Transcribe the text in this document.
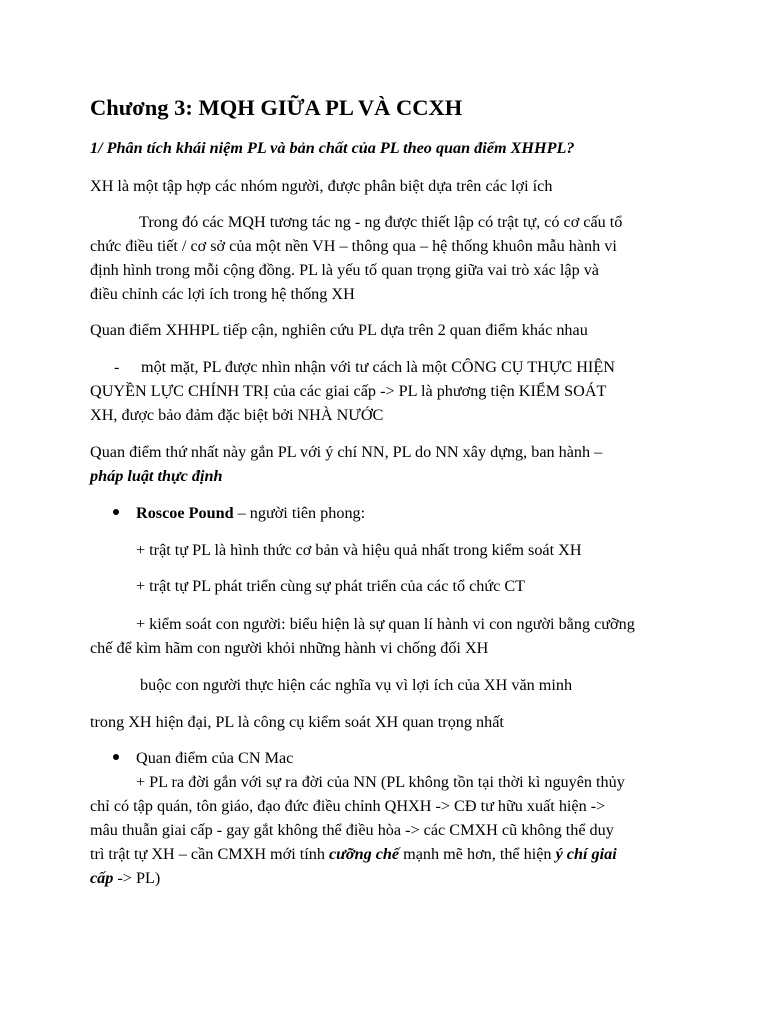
Chương 3: MQH GIỮA PL VÀ CCXH
1/ Phân tích khái niệm PL và bản chất của PL theo quan điểm XHHPL?
XH là một tập hợp các nhóm người, được phân biệt dựa trên các lợi ích
Trong đó các MQH tương tác ng - ng được thiết lập có trật tự, có cơ cấu tổ
chức điều tiết / cơ sở của một nền VH – thông qua – hệ thống khuôn mẫu hành vi
định hình trong mỗi cộng đồng. PL là yếu tố quan trọng giữa vai trò xác lập và
điều chỉnh các lợi ích trong hệ thống XH
Quan điểm XHHPL tiếp cận, nghiên cứu PL dựa trên 2 quan điểm khác nhau
- một mặt, PL được nhìn nhận với tư cách là một CÔNG CỤ THỰC HIỆN
QUYỀN LỰC CHÍNH TRỊ của các giai cấp -> PL là phương tiện KIỂM SOÁT
XH, được bảo đảm đặc biệt bởi NHÀ NƯỚC
Quan điểm thứ nhất này gắn PL với ý chí NN, PL do NN xây dựng, ban hành –
pháp luật thực định
Roscoe Pound – người tiên phong:
+ trật tự PL là hình thức cơ bản và hiệu quả nhất trong kiểm soát XH
+ trật tự PL phát triển cùng sự phát triển của các tổ chức CT
+ kiểm soát con người: biểu hiện là sự quan lí hành vi con người bằng cưỡng
chế để kìm hãm con người khỏi những hành vi chống đối XH
buộc con người thực hiện các nghĩa vụ vì lợi ích của XH văn minh
trong XH hiện đại, PL là công cụ kiểm soát XH quan trọng nhất
Quan điểm của CN Mac
+ PL ra đời gắn với sự ra đời của NN (PL không tồn tại thời kì nguyên thủy
chỉ có tập quán, tôn giáo, đạo đức điều chỉnh QHXH -> CĐ tư hữu xuất hiện ->
mâu thuẫn giai cấp - gay gắt không thể điều hòa -> các CMXH cũ không thể duy
trì trật tự XH – cần CMXH mới tính cưỡng chế mạnh mẽ hơn, thể hiện ý chí giai
cấp -> PL)
